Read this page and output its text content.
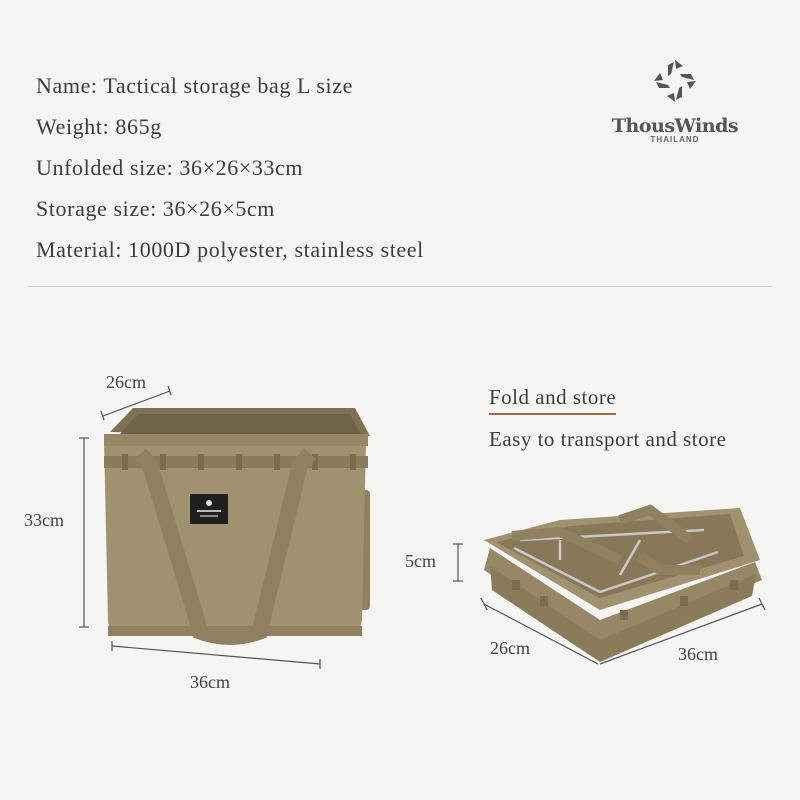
Name: Tactical storage bag L size
Weight: 865g
Unfolded size: 36×26×33cm
Storage size: 36×26×5cm
Material: 1000D polyester, stainless steel
ThousWinds
THAILAND
Fold and store
Easy to transport and store
26cm
33cm
36cm
5cm
26cm	36cm
